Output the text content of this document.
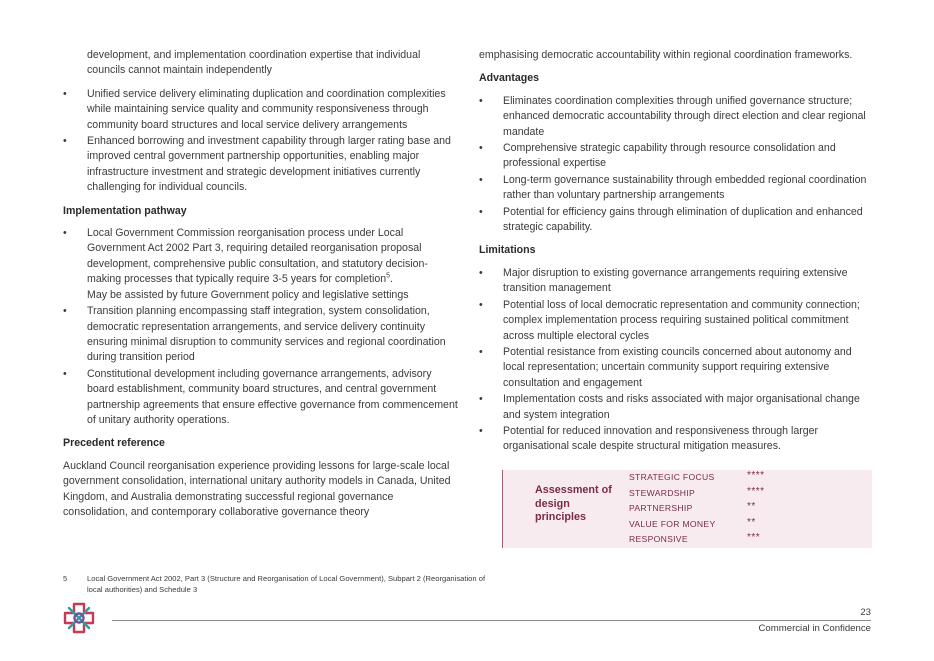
development, and implementation coordination expertise that individual councils cannot maintain independently

• Unified service delivery eliminating duplication and coordination complexities while maintaining service quality and community responsiveness through community board structures and local service delivery arrangements
• Enhanced borrowing and investment capability through larger rating base and improved central government partnership opportunities, enabling major infrastructure investment and strategic development initiatives currently challenging for individual councils.
Implementation pathway
• Local Government Commission reorganisation process under Local Government Act 2002 Part 3, requiring detailed reorganisation proposal development, comprehensive public consultation, and statutory decision-making processes that typically require 3-5 years for completion$^5$.
May be assisted by future Government policy and legislative settings
• Transition planning encompassing staff integration, system consolidation, democratic representation arrangements, and service delivery continuity ensuring minimal disruption to community services and regional coordination during transition period
• Constitutional development including governance arrangements, advisory board establishment, community board structures, and central government partnership agreements that ensure effective governance from commencement of unitary authority operations.
Precedent reference

Auckland Council reorganisation experience providing lessons for large-scale local government consolidation, international unitary authority models in Canada, United Kingdom, and Australia demonstrating successful regional governance consolidation, and contemporary collaborative governance theory

emphasising democratic accountability within regional coordination frameworks.

Advantages
• Eliminates coordination complexities through unified governance structure; enhanced democratic accountability through direct election and clear regional mandate
• Comprehensive strategic capability through resource consolidation and professional expertise
• Long-term governance sustainability through embedded regional coordination rather than voluntary partnership arrangements
• Potential for efficiency gains through elimination of duplication and enhanced strategic capability.
Limitations
• Major disruption to existing governance arrangements requiring extensive transition management
• Potential loss of local democratic representation and community connection; complex implementation process requiring sustained political commitment across multiple electoral cycles
• Potential resistance from existing councils concerned about autonomy and local representation; uncertain community support requiring extensive consultation and engagement
• Implementation costs and risks associated with major organisational change and system integration
• Potential for reduced innovation and responsiveness through larger organisational scale despite structural mitigation measures.
Assessment of design principles
STRATEGIC FOCUS	****
STEWARDSHIP	****
PARTNERSHIP	**
VALUE FOR MONEY	**
RESPONSIVE	***
5	Local Government Act 2002, Part 3 (Structure and Reorganisation of Local Government), Subpart 2 (Reorganisation of local authorities) and Schedule 3
23
Commercial in Confidence
